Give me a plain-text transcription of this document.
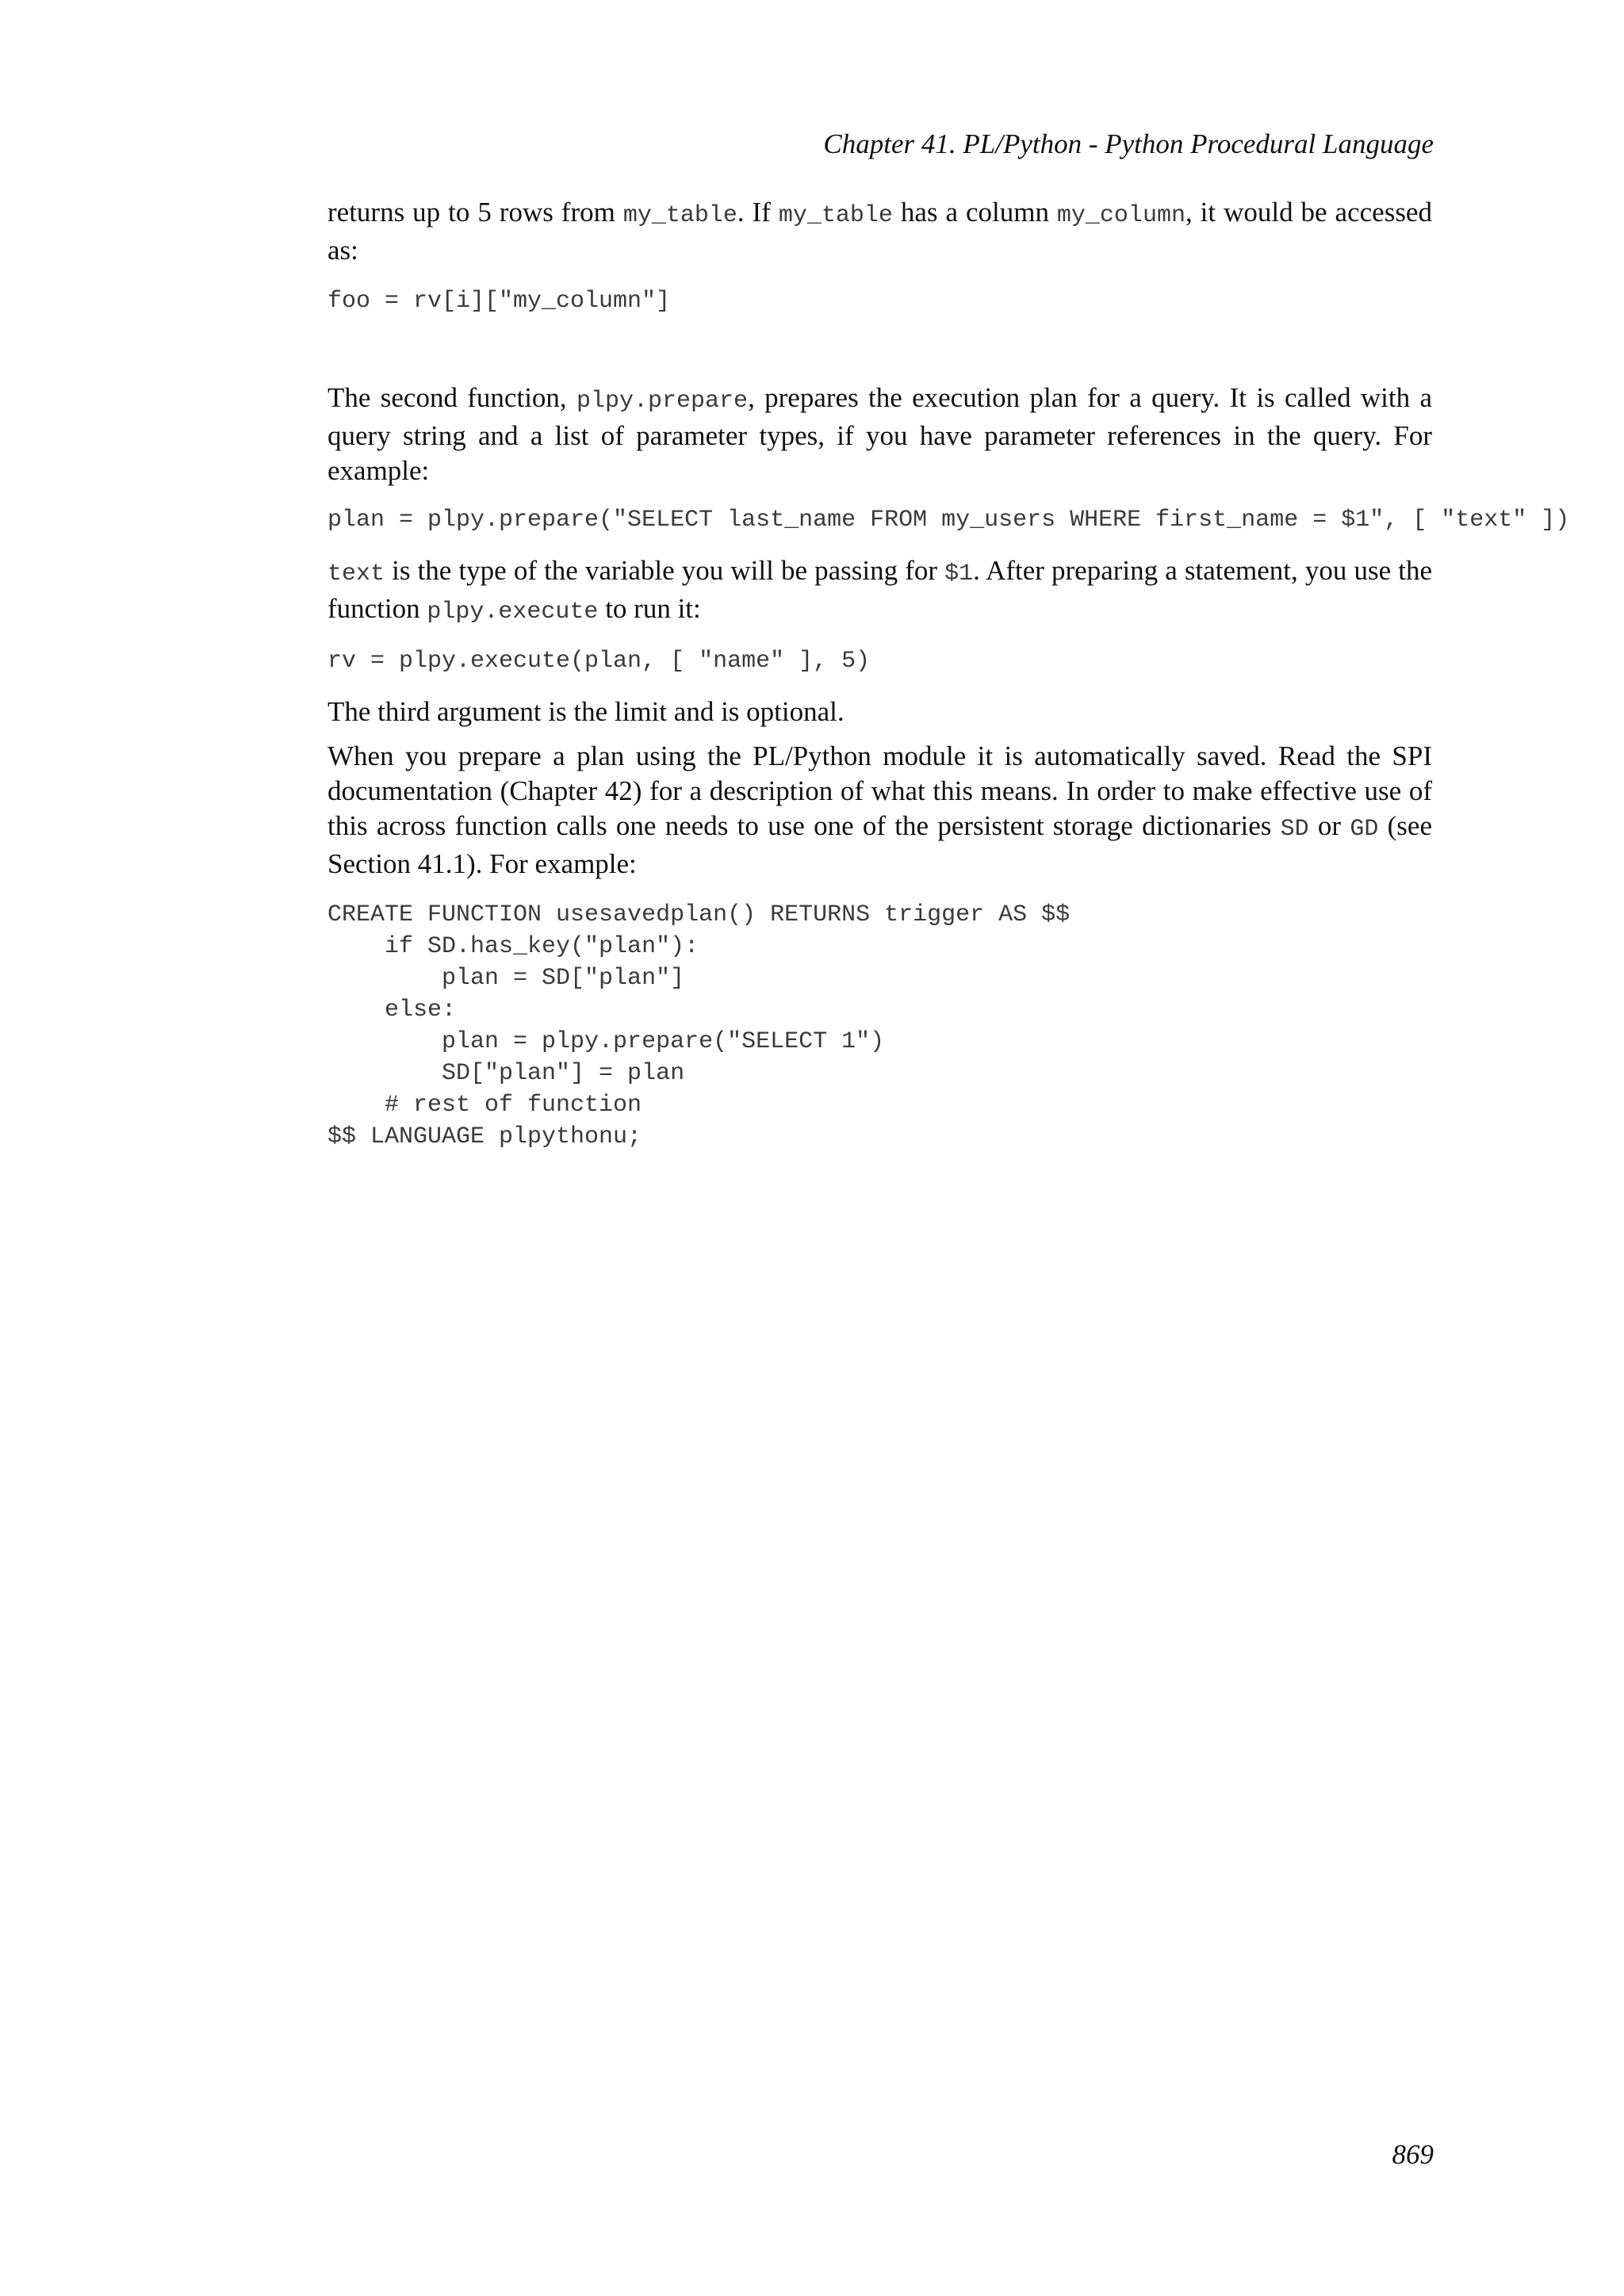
Chapter 41. PL/Python - Python Procedural Language

returns up to 5 rows from my_table. If my_table has a column my_column, it would be accessed as:

foo = rv[i]["my_column"]

The second function, plpy.prepare, prepares the execution plan for a query. It is called with a query string and a list of parameter types, if you have parameter references in the query. For example:

plan = plpy.prepare("SELECT last_name FROM my_users WHERE first_name = $1", [ "text" ])

text is the type of the variable you will be passing for $1. After preparing a statement, you use the function plpy.execute to run it:

rv = plpy.execute(plan, [ "name" ], 5)

The third argument is the limit and is optional.

When you prepare a plan using the PL/Python module it is automatically saved. Read the SPI documentation (Chapter 42) for a description of what this means. In order to make effective use of this across function calls one needs to use one of the persistent storage dictionaries SD or GD (see Section 41.1). For example:

CREATE FUNCTION usesavedplan() RETURNS trigger AS $$
if SD.has_key("plan"):
plan = SD["plan"]
else:
plan = plpy.prepare("SELECT 1")
SD["plan"] = plan
# rest of function
$$ LANGUAGE plpythonu;
869
